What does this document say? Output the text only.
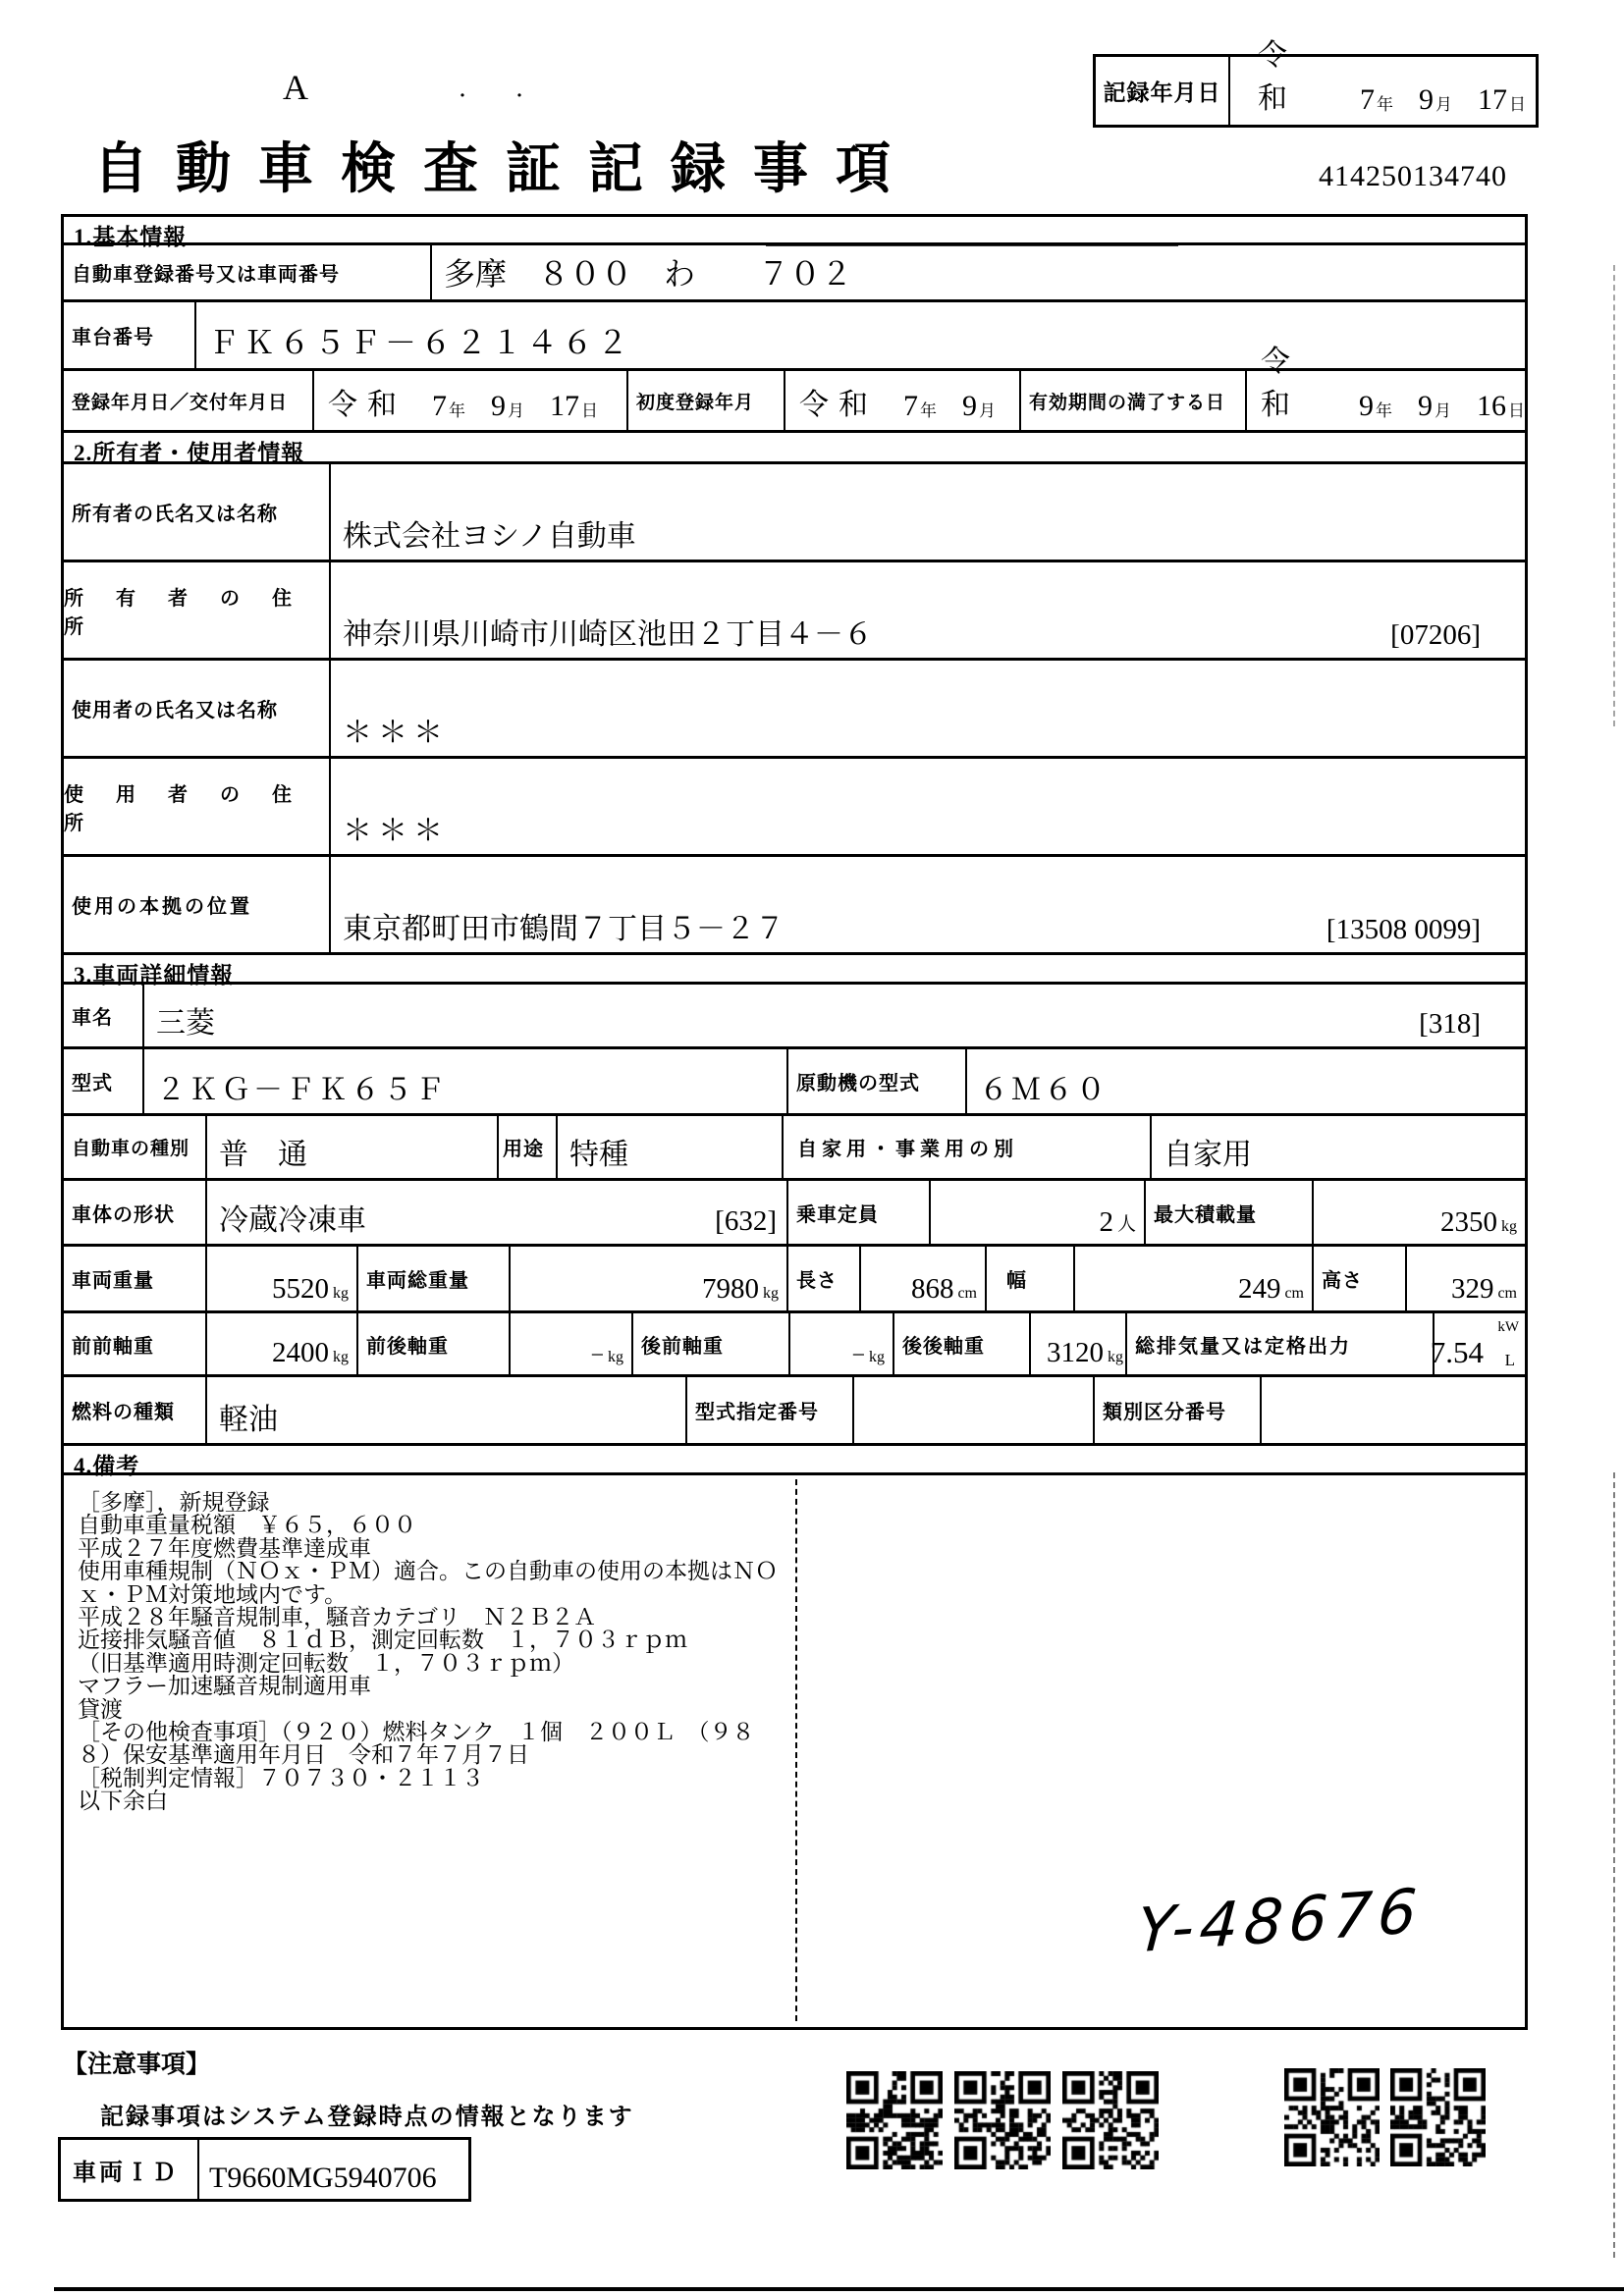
A	・・	記録年月日
令和	7 年 9 月 17 日
自動車検査証記録事項	414250134740
1.基本情報
自動車登録番号又は車両番号	多摩　８００　わ　　７０２
車台番号	ＦＫ６５Ｆ－６２１４６２
登録年月日／交付年月日	令和 7 年 9 月 17 日	初度登録年月	令和 7 年 9 月	有効期間の満了する日
令和	9 年 9 月 16 日
2.所有者・使用者情報
所有者の氏名又は名称
株式会社ヨシノ自動車
所 有 者 の 住 所	神奈川県川崎市川崎区池田２丁目４－６	[07206]
使用者の氏名又は名称
＊＊＊
使 用 者 の 住 所	＊＊＊
使用の本拠の位置
東京都町田市鶴間７丁目５－２７	[13508 0099]
3.車両詳細情報
車名	三菱	[318]
型式	２ＫＧ－ＦＫ６５Ｆ	原動機の型式	６Ｍ６０
自動車の種別 普　通	用途 特種	自家用・事業用の別	自家用
車体の形状	冷蔵冷凍車	[632]	乗車定員	2 人 最大積載量	2350 kg
車両重量	5520 kg
車両総重量	7980 kg
長さ	868 cm
幅	249 cm
高さ	329 cm
前前軸重	2400 kg 前後軸重	− kg 後前軸重	− kg 後後軸重	3120 kg 総排気量又は定格出力	7.54
kW
L
燃料の種類	軽油	型式指定番号	類別区分番号
4.備考
［多摩］，新規登録
自動車重量税額　￥６５，６００
平成２７年度燃費基準達成車
使用車種規制（ＮＯｘ・ＰＭ）適合。この自動車の使用の本拠はＮＯ
ｘ・ＰＭ対策地域内です。
平成２８年騒音規制車，騒音カテゴリ　Ｎ２Ｂ２Ａ
近接排気騒音値　８１ｄＢ，測定回転数　１，７０３ｒｐｍ
（旧基準適用時測定回転数　１，７０３ｒｐｍ）
マフラー加速騒音規制適用車
貸渡
［その他検査事項］（９２０）燃料タンク　１個　２００Ｌ　（９８
８）保安基準適用年月日　令和７年７月７日
［税制判定情報］７０７３０・２１１３
以下余白
Y-48676
【注意事項】
記録事項はシステム登録時点の情報となります
車両ＩＤ	T9660MG5940706
